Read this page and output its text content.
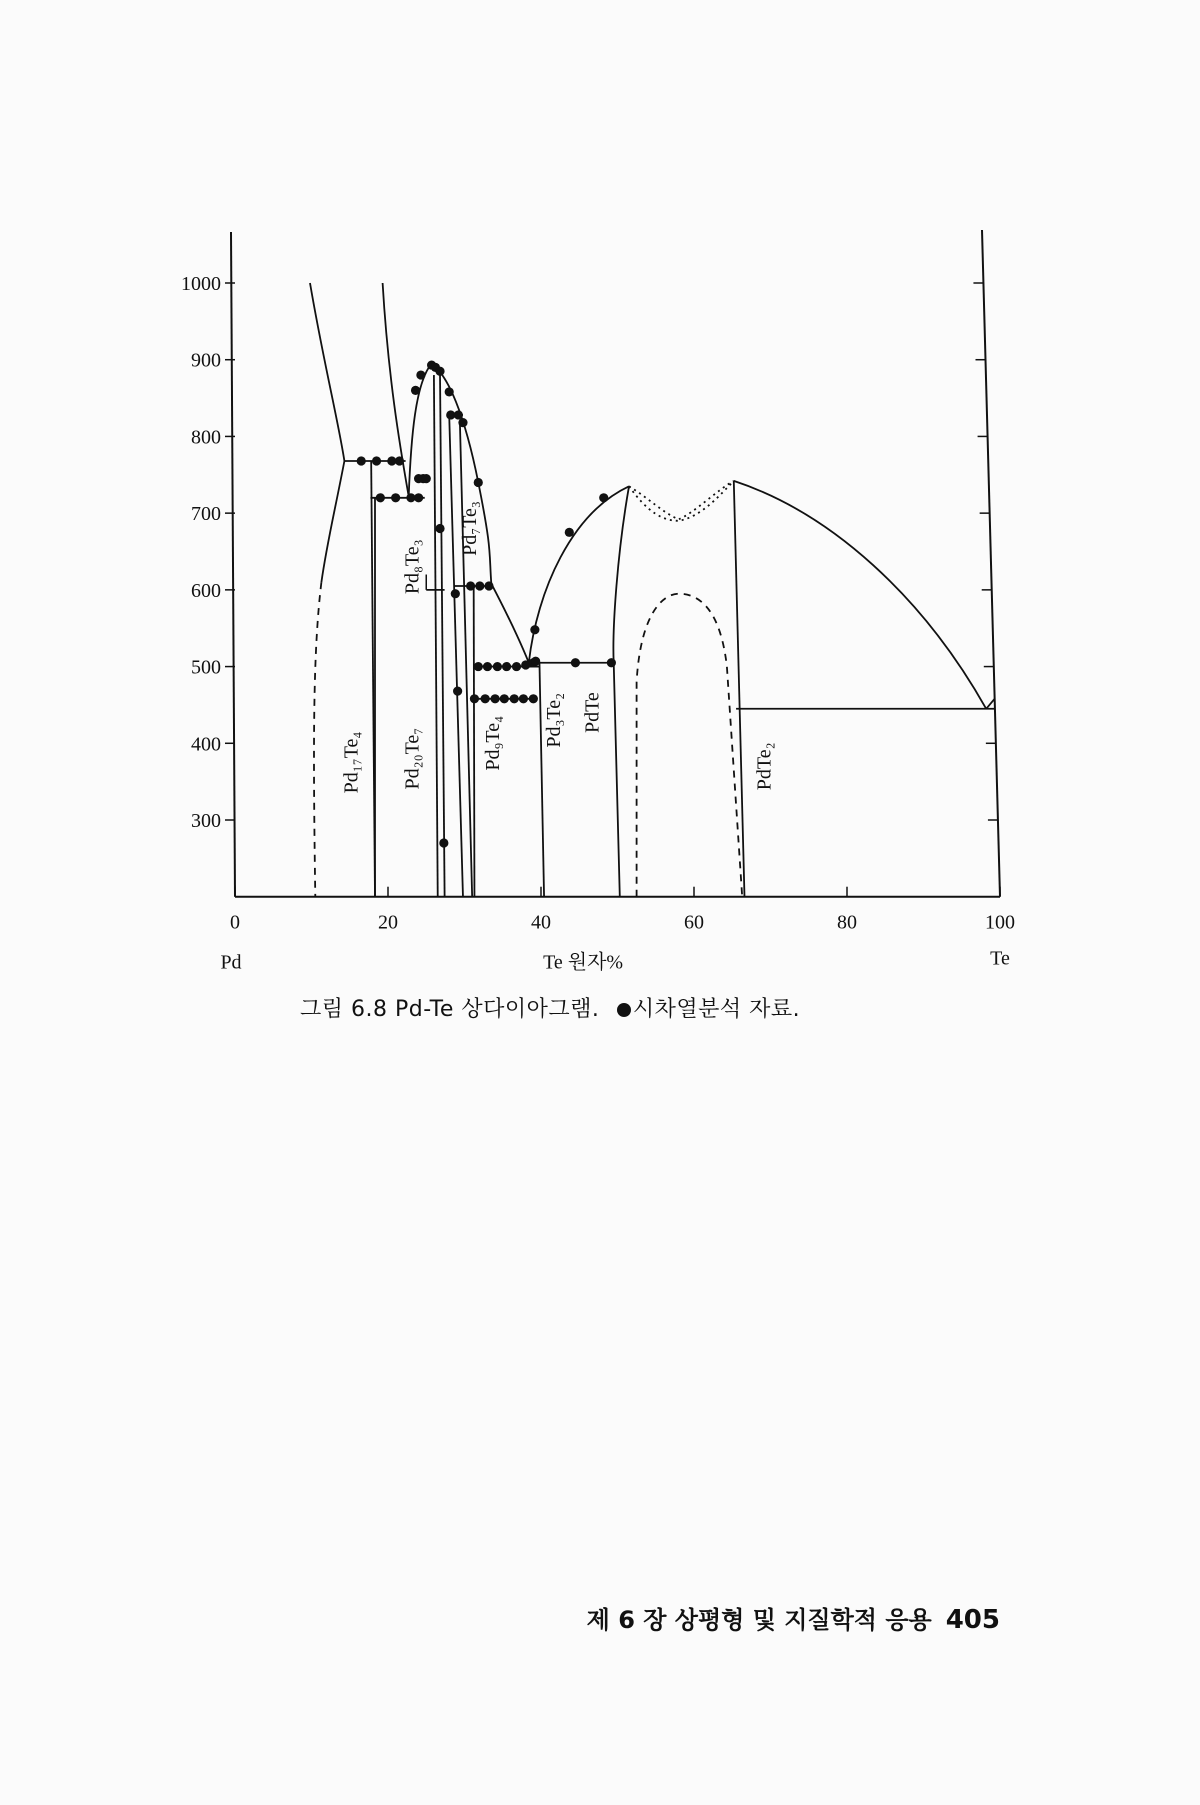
Pd₁₇Te₄ Pd₂₀Te₇
Pd₈Te₃
Pd₇Te₃
Pd₉Te₄ Pd₃Te₂ PdTe
PdTe₂
1000
900
800
700
600
500
400
300
0	20	40	60	80	100
Pd	Te
Te 원자%
그림 6.8 Pd-Te 상다이아그램. 시차열분석 자료.
제 6 장 상평형 및 지질학적 응용 405
